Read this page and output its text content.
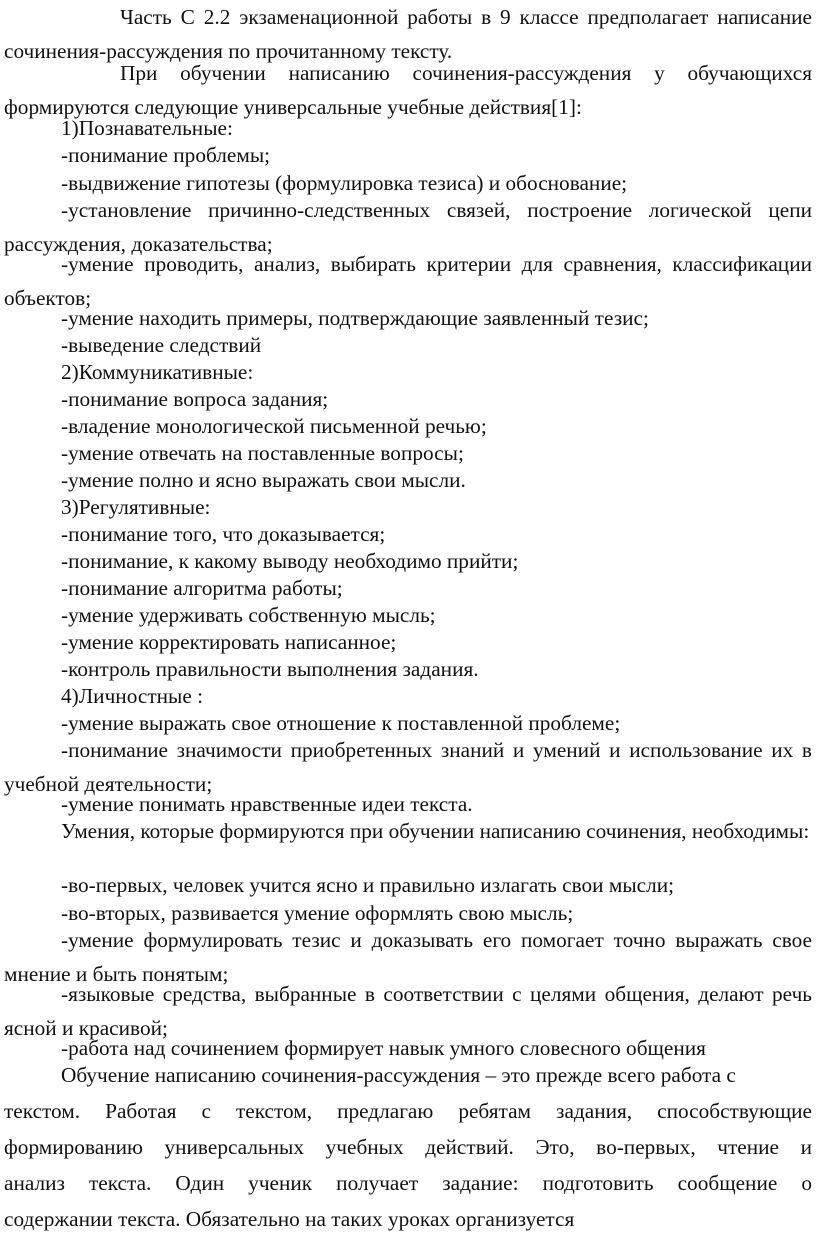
Часть С 2.2 экзаменационной работы в 9 классе предполагает написание сочинения-рассуждения по прочитанному тексту.

При обучении написанию сочинения-рассуждения у обучающихся формируются следующие универсальные учебные действия[1]:

1)Познавательные:

-понимание проблемы;

-выдвижение гипотезы (формулировка тезиса) и обоснование;

-установление причинно-следственных связей, построение логической цепи рассуждения, доказательства;

-умение проводить, анализ, выбирать критерии для сравнения, классификации объектов;

-умение находить примеры, подтверждающие заявленный тезис;

-выведение следствий

2)Коммуникативные:

-понимание вопроса задания;

-владение монологической письменной речью;

-умение отвечать на поставленные вопросы;

-умение полно и ясно выражать свои мысли.

3)Регулятивные:

-понимание того, что доказывается;

-понимание, к какому выводу необходимо прийти;

-понимание алгоритма работы;

-умение удерживать собственную мысль;

-умение корректировать написанное;

-контроль правильности выполнения задания.

4)Личностные :

-умение выражать свое отношение к поставленной проблеме;

-понимание значимости приобретенных знаний и умений и использование их в учебной деятельности;

-умение понимать нравственные идеи текста.

Умения, которые формируются при обучении написанию сочинения, необходимы:

-во-первых, человек учится ясно и правильно излагать свои мысли;

-во-вторых, развивается умение оформлять свою мысль;

-умение формулировать тезис и доказывать его помогает точно выражать свое мнение и быть понятым;

-языковые средства, выбранные в соответствии с целями общения, делают речь ясной и красивой;

-работа над сочинением формирует навык умного словесного общения

Обучение написанию сочинения-рассуждения – это прежде всего работа с

текстом. Работая с текстом, предлагаю ребятам задания, способствующие

формированию универсальных учебных действий. Это, во-первых, чтение и

анализ текста. Один ученик получает задание: подготовить сообщение о

содержании текста. Обязательно на таких уроках организуется
